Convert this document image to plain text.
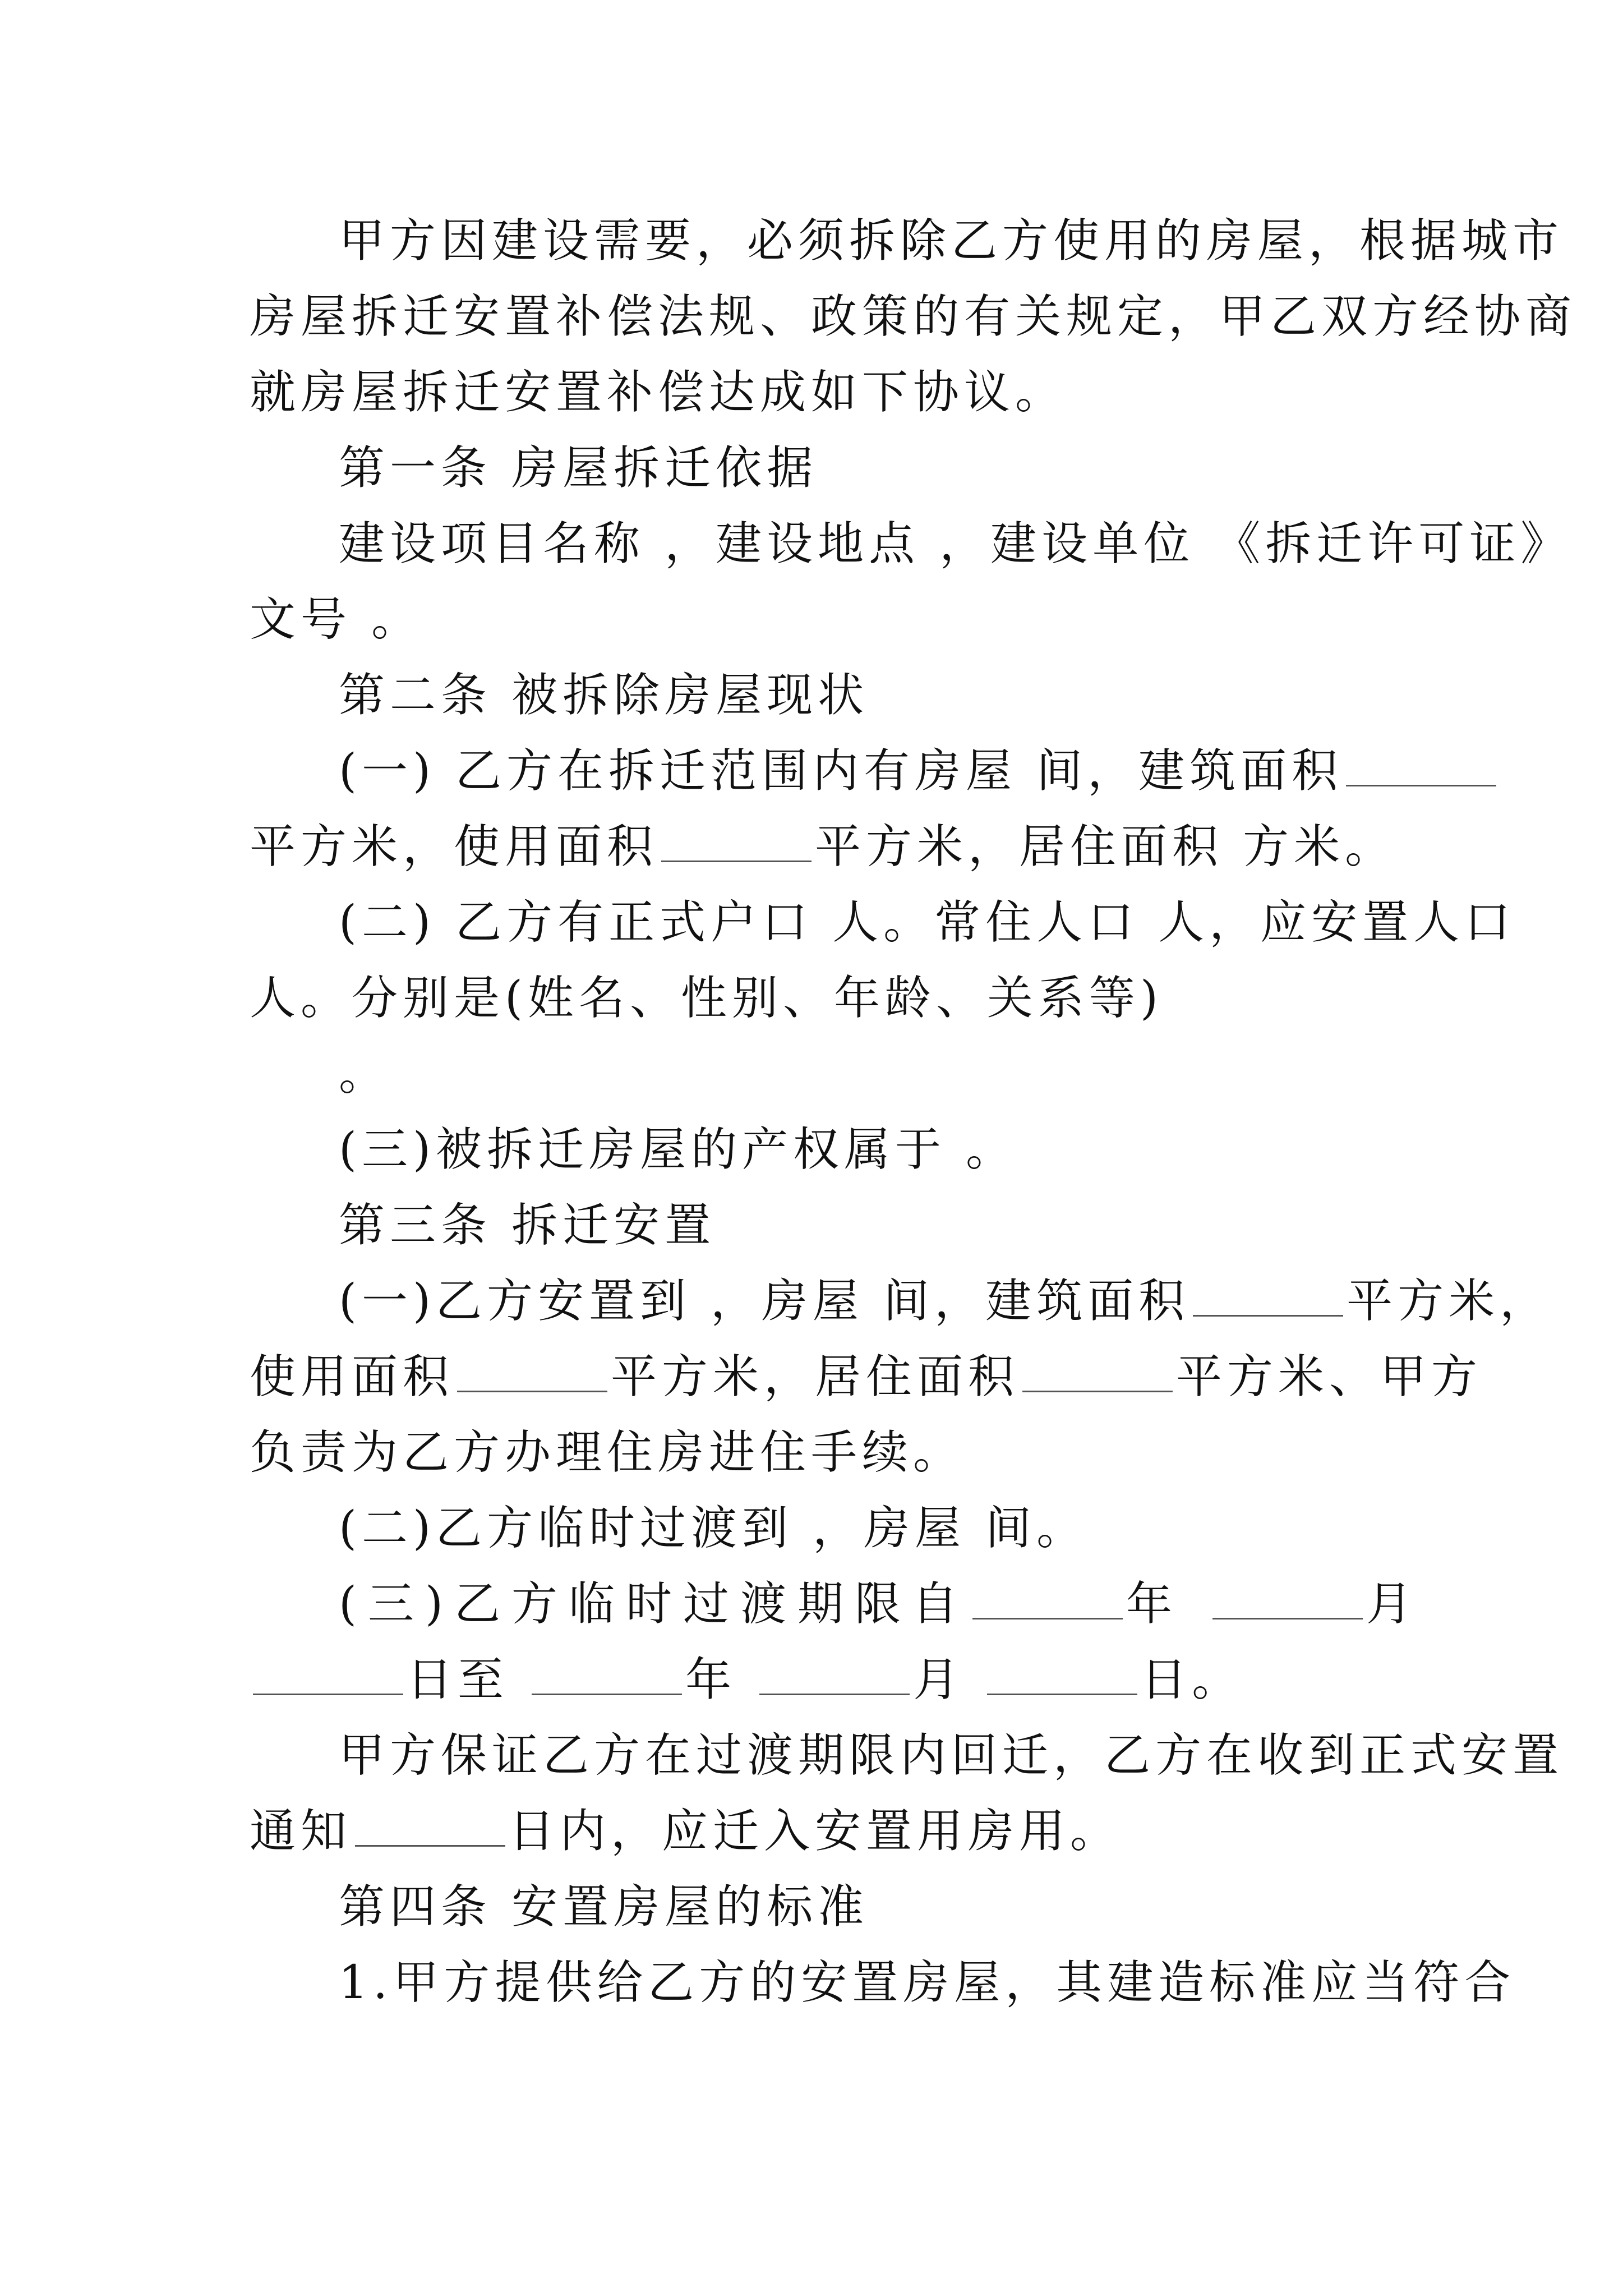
甲方因建设需要，必须拆除乙方使用的房屋，根据城市
房屋拆迁安置补偿法规、政策的有关规定，甲乙双方经协商
就房屋拆迁安置补偿达成如下协议。
第一条 房屋拆迁依据
建设项目名称 ，建设地点 ，建设单位 《拆迁许可证》
文号 。
第二条 被拆除房屋现状
(一) 乙方在拆迁范围内有房屋 间，建筑面积
平方米，使用面积	平方米，居住面积 方米。
(二) 乙方有正式户口 人。常住人口 人，应安置人口
人。分别是(姓名、性别、年龄、关系等)
。
(三)被拆迁房屋的产权属于 。
第三条 拆迁安置
(一)乙方安置到 ，房屋 间，建筑面积	平方米，
使用面积	平方米，居住面积	平方米、甲方
负责为乙方办理住房进住手续。
(二)乙方临时过渡到 ，房屋 间。
(三)乙方临时过渡期限自	年	月
日至	年	月	日。
甲方保证乙方在过渡期限内回迁，乙方在收到正式安置
通知	日内，应迁入安置用房用。
第四条 安置房屋的标准
1.甲方提供给乙方的安置房屋，其建造标准应当符合
